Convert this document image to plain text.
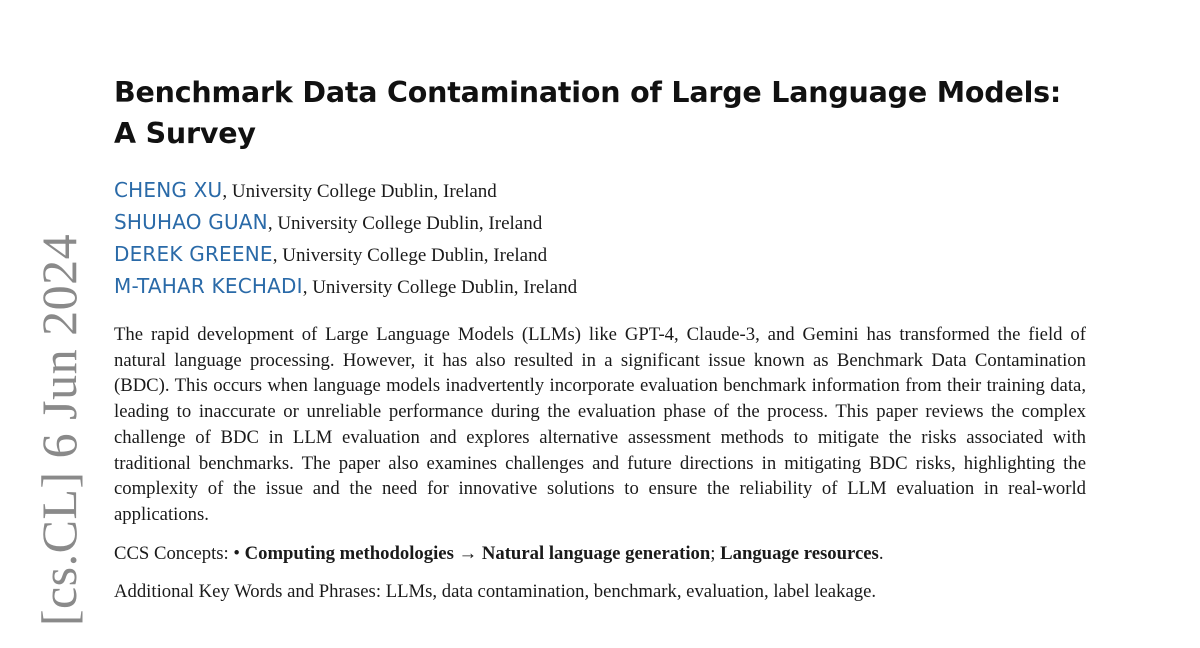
[cs.CL] 6 Jun 2024
Benchmark Data Contamination of Large Language Models:
A Survey
CHENG XU, University College Dublin, Ireland
SHUHAO GUAN, University College Dublin, Ireland
DEREK GREENE, University College Dublin, Ireland
M-TAHAR KECHADI, University College Dublin, Ireland

The rapid development of Large Language Models (LLMs) like GPT-4, Claude-3, and Gemini has transformed the field of natural language processing. However, it has also resulted in a significant issue known as Benchmark Data Contamination (BDC). This occurs when language models inadvertently incorporate evaluation benchmark information from their training data, leading to inaccurate or unreliable performance during the evaluation phase of the process. This paper reviews the complex challenge of BDC in LLM evaluation and explores alternative assessment methods to mitigate the risks associated with traditional benchmarks. The paper also examines challenges and future directions in mitigating BDC risks, highlighting the complexity of the issue and the need for innovative solutions to ensure the reliability of LLM evaluation in real-world applications.

CCS Concepts: • Computing methodologies → Natural language generation; Language resources.
Additional Key Words and Phrases: LLMs, data contamination, benchmark, evaluation, label leakage.
